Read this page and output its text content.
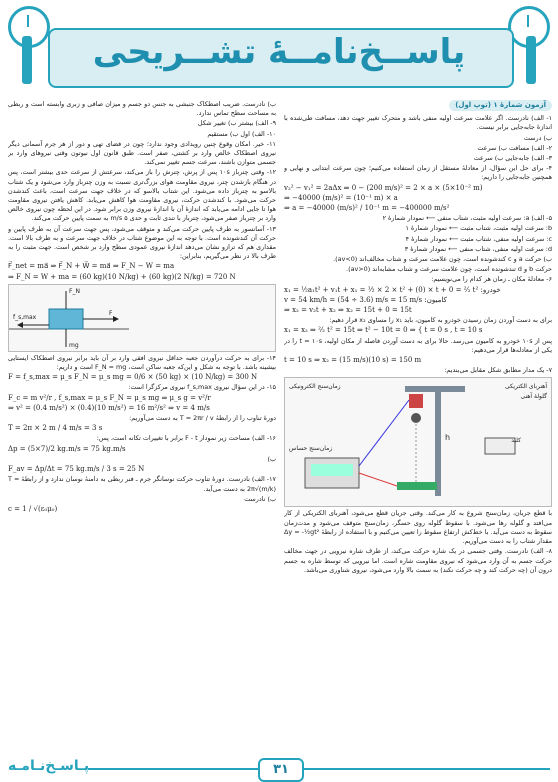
پاســخ‌نامــهٔ تشــریحی
آزمون شمارهٔ ۱ (توپ اول)

۱- الف) نادرست. اگر علامت سرعت اولیه منفی باشد و متحرک تغییر جهت دهد، مسافت طی‌شده با اندازهٔ جابه‌جایی برابر نیست.

ب) درست

۲- الف) مسافت ب) سرعت

۳- الف) جابه‌جایی ب) سرعت

۴- برای حل این سؤال، از معادلهٔ مستقل از زمان استفاده می‌کنیم؛ چون سرعت ابتدایی و نهایی و همچنین جابه‌جایی را داریم:

v₂² − v₁² = 2aΔx ⇒ 0 − (200 m/s)² = 2 × a × (5×10⁻² m)
⇒ −40000 (m/s)² = (10⁻¹ m) × a
⇒ a = −40000 (m/s)² / 10⁻¹ m = −400000 m/s²

۵- الف) a: سرعت اولیه مثبت، شتاب منفی ⟵ نمودار شمارهٔ ۲

b: سرعت اولیه مثبت، شتاب مثبت ⟵ نمودار شمارهٔ ۱

c: سرعت اولیه منفی، شتاب مثبت ⟵ نمودار شمارهٔ ۴

d: سرعت اولیه منفی، شتاب منفی ⟵ نمودار شمارهٔ ۳

ب) حرکت a و c کندشونده است، چون علامت سرعت و شتاب مخالف‌اند (av<0).

حرکت b و d تندشونده است، چون علامت سرعت و شتاب مشابه‌اند (av>0).

۶- معادلهٔ مکان ـ زمان هر کدام را می‌نویسیم:

x₁ = ½a₁t² + v₁t + x₁ = ½ × 2 × t² + (0) × t + 0 = ²⁄₂ t² :خودرو
v = 54 km/h = (54 ÷ 3.6) m/s = 15 m/s :کامیون
⇒ x₂ = v₂t + x₂ ⇒ x₂ = 15t + 0 = 15t

برای به دست آوردن زمان رسیدن خودرو به کامیون، باید x₁ را مساوی x₂ قرار دهیم:

x₁ = x₂ ⇒ ²⁄₂ t² = 15t ⇒ t² − 10t = 0 ⇒ { t = 0 s , t = 10 s

پس از ۱۰s خودرو به کامیون می‌رسد. حالا برای به دست آوردن فاصله از مکان اولیه، t = ۱۰s را در یکی از معادله‌ها قرار می‌دهیم:

t = 10 s ⇒ x₂ = (15 m/s)(10 s) = 150 m

۷- یک مدار مطابق شکل مقابل می‌بندیم:

h
آهنربای الکتریکی
گلولهٔ آهنی
زمان‌سنج الکترونیکی
کلید
زمان‌سنج حساس

با قطع جریان، زمان‌سنج شروع به کار می‌کند. وقتی جریان قطع می‌شود، آهنربای الکتریکی از کار می‌افتد و گلوله رها می‌شود. با سقوط گلوله روی حسگر، زمان‌سنج متوقف می‌شود و مدت‌زمان سقوط به دست می‌آید. با خط‌کش ارتفاع سقوط را تعیین می‌کنیم و با استفاده از رابطهٔ Δy = -½gt² مقدار شتاب را به دست می‌آوریم.

۸- الف) نادرست. وقتی جسمی در یک شاره حرکت می‌کند، از طرف شاره نیرویی در جهت مخالف حرکت جسم به آن وارد می‌شود که نیروی مقاومت شاره است. اما نیرویی که توسط شاره به جسم درون آن (چه حرکت کند و چه حرکت نکند) به سمت بالا وارد می‌شود، نیروی شناوری می‌باشد.

ب) نادرست. ضریب اصطکاک جنبشی به جنس دو جسم و میزان صافی و زبری وابسته است و ربطی به مساحت سطح تماس ندارد.

۹- الف) بیشتر ب) تغییر شکل

۱۰- الف) اول ب) مستقیم

۱۱- خیر. امکان وقوع چنین رویدادی وجود ندارد؛ چون در فضای تهی و دور از هر جرم آسمانی دیگر نیروی اصطکاک خالص وارد بر کشتی، صفر است. طبق قانون اول نیوتون وقتی نیروهای وارد بر جسمی متوازن باشند، سرعت جسم تغییر نمی‌کند.

۱۲- وقتی چترباز ۱۰s پس از پرش، چترش را باز می‌کند، سرعتش از سرعت حدی بیشتر است، پس در هنگام بازشدن چتر، نیروی مقاومت هوای بزرگ‌تری نسبت به وزن چترباز وارد می‌شود و یک شتاب بالاسو به چترباز داده می‌شود. این شتاب بالاسو که در خلاف جهت سرعت است، باعث کندشدن حرکت می‌شود. با کندشدن حرکت، نیروی مقاومت هوا کاهش می‌یابد. کاهش یافتن نیروی مقاومت هوا تا جایی ادامه می‌یابد که اندازهٔ آن با اندازهٔ نیروی وزن برابر شود. در این لحظه چون نیروی خالص وارد بر چترباز صفر می‌شود، چترباز با تندی ثابت و حدی ۵ m/s به سمت پایین حرکت می‌کند.

۱۳- آسانسور به طرف پایین حرکت می‌کند و متوقف می‌شود، پس جهت سرعت آن به طرف پایین و حرکت آن کندشونده است. با توجه به این موضوع شتاب در خلاف جهت سرعت و به طرف بالا است. مقداری هم که ترازو نشان می‌دهد اندازهٔ نیروی عمودی سطح وارد بر شخص است. جهت مثبت را به طرف بالا در نظر می‌گیریم، بنابراین:

F⃗_net = ma⃗ ⇒ F⃗_N + W⃗ = ma⃗ ⇒ F_N − W = ma
⇒ F_N = W + ma = (60 kg)(10 N/kg) + (60 kg)(2 N/kg) = 720 N
f_s,max
F_N
F
mg

۱۴- برای به حرکت درآوردن جعبه حداقل نیروی افقی وارد بر آن باید برابر نیروی اصطکاک ایستایی بیشینه باشد. با توجه به شکل و این‌که جعبه ساکن است، F_N = mg است و داریم:

F = f_s,max = μ_s F_N = μ_s mg = 0/6 × (50 kg) × (10 N/kg) = 300 N

۱۵- در این سؤال نیروی f_s,max نیروی مرکزگرا است:

F_c = m v²/r , f_s,max = μ_s F_N = μ_s mg ⇒ μ_s g = v²/r
⇒ v² = (0.4 m/s²) × (0.4)(10 m/s²) = 16 m²/s² ⇒ v = 4 m/s

دورهٔ تناوب را از رابطهٔ T = 2πr / v به دست می‌آوریم:

T = 2π × 2 m / 4 m/s = 3 s

۱۶- الف) مساحت زیر نمودار F - t برابر با تغییرات تکانه است، پس:

Δp = (5×7)/2 kg.m/s = 75 kg.m/s

ب)

F_av = Δp/Δt = 75 kg.m/s / 3 s = 25 N

۱۷- الف) نادرست. دورهٔ تناوب حرکت نوسانگر جرم ـ فنر ربطی به دامنهٔ نوسان ندارد و از رابطهٔ T = 2π√(m/k) به دست می‌آید.

ب) نادرست

c = 1 / √(ε₀μ₀)
پـاسـخ‌نـامـه	۳۱
